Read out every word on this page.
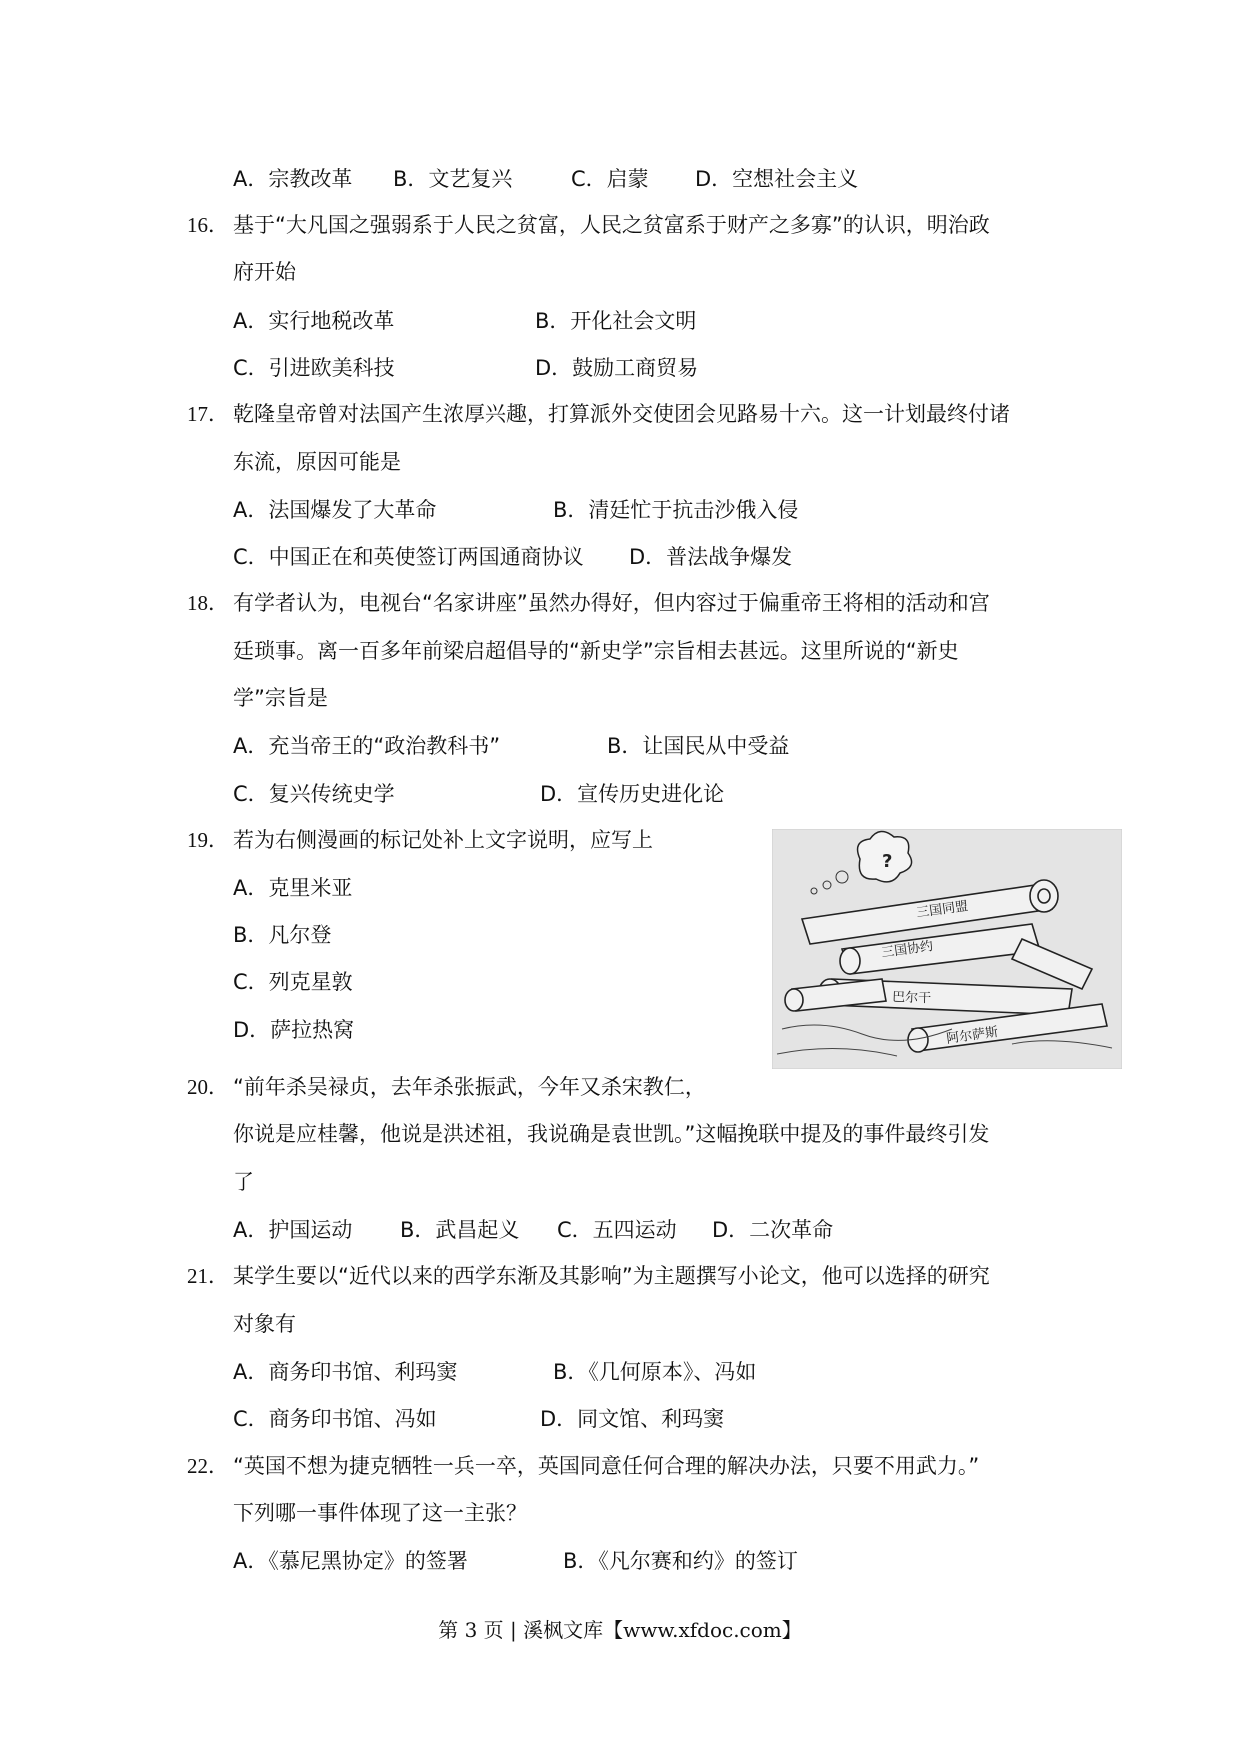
A．宗教改革 B．文艺复兴	C．启蒙 D．空想社会主义
16． 基于“大凡国之强弱系于人民之贫富，人民之贫富系于财产之多寡”的认识，明治政
府开始
A．实行地税改革	B．开化社会文明
C．引进欧美科技	D．鼓励工商贸易
17． 乾隆皇帝曾对法国产生浓厚兴趣，打算派外交使团会见路易十六。这一计划最终付诸
东流，原因可能是
A．法国爆发了大革命	B．清廷忙于抗击沙俄入侵
C．中国正在和英使签订两国通商协议 D．普法战争爆发
18． 有学者认为，电视台“名家讲座”虽然办得好，但内容过于偏重帝王将相的活动和宫
廷琐事。离一百多年前梁启超倡导的“新史学”宗旨相去甚远。这里所说的“新史
学”宗旨是
A．充当帝王的“政治教科书”	B．让国民从中受益
C．复兴传统史学	D．宣传历史进化论
19． 若为右侧漫画的标记处补上文字说明，应写上
A．克里米亚
B．凡尔登
C．列克星敦
D．萨拉热窝
?
三国同盟
三国协约
巴尔干
阿尔萨斯
20． “前年杀吴禄贞，去年杀张振武，今年又杀宋教仁，
你说是应桂馨，他说是洪述祖，我说确是袁世凯。”这幅挽联中提及的事件最终引发
了
A．护国运动 B．武昌起义 C．五四运动 D．二次革命
21． 某学生要以“近代以来的西学东渐及其影响”为主题撰写小论文，他可以选择的研究
对象有
A．商务印书馆、利玛窦	B．《几何原本》、冯如
C．商务印书馆、冯如	D．同文馆、利玛窦
22． “英国不想为捷克牺牲一兵一卒，英国同意任何合理的解决办法，只要不用武力。”
下列哪一事件体现了这一主张？
A．《慕尼黑协定》的签署	B．《凡尔赛和约》的签订
第 3 页 | 溪枫文库【www.xfdoc.com】
